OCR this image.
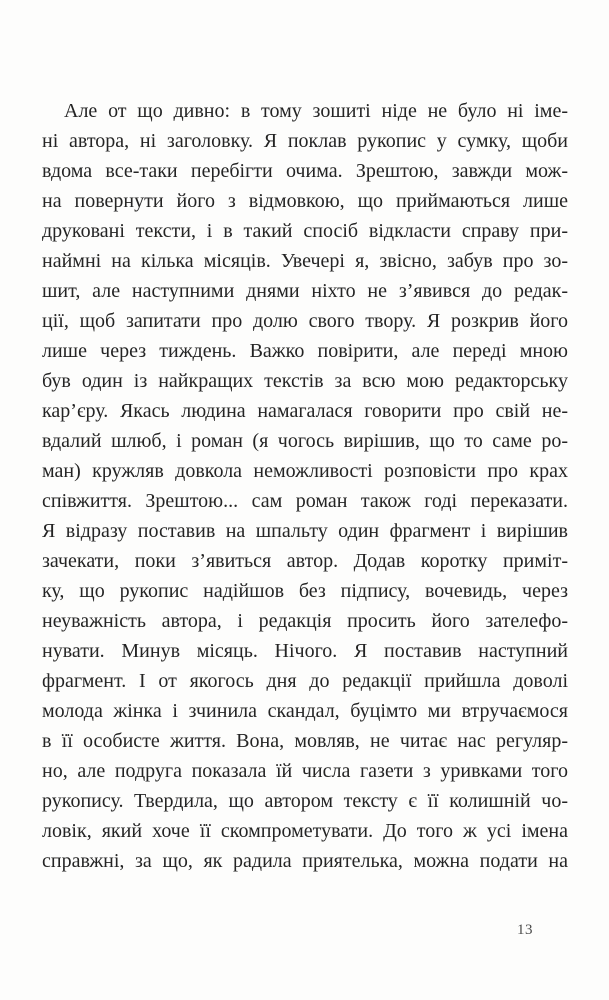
Але от що дивно: в тому зошиті ніде не було ні іме-
ні автора, ні заголовку. Я поклав рукопис у сумку, щоби
вдома все-таки перебігти очима. Зрештою, завжди мож-
на повернути його з відмовкою, що приймаються лише
друковані тексти, і в такий спосіб відкласти справу при-
наймні на кілька місяців. Увечері я, звісно, забув про зо-
шит, але наступними днями ніхто не з’явився до редак-
ції, щоб запитати про долю свого твору. Я розкрив його
лише через тиждень. Важко повірити, але переді мною
був один із найкращих текстів за всю мою редакторську
кар’єру. Якась людина намагалася говорити про свій не-
вдалий шлюб, і роман (я чогось вирішив, що то саме ро-
ман) кружляв довкола неможливості розповісти про крах
співжиття. Зрештою... сам роман також годі переказати.
Я відразу поставив на шпальту один фрагмент і вирішив
зачекати, поки з’явиться автор. Додав коротку приміт-
ку, що рукопис надійшов без підпису, вочевидь, через
неуважність автора, і редакція просить його зателефо-
нувати. Минув місяць. Нічого. Я поставив наступний
фрагмент. І от якогось дня до редакції прийшла доволі
молода жінка і зчинила скандал, буцімто ми втручаємося
в її особисте життя. Вона, мовляв, не читає нас регуляр-
но, але подруга показала їй числа газети з уривками того
рукопису. Твердила, що автором тексту є її колишній чо-
ловік, який хоче її скомпрометувати. До того ж усі імена
справжні, за що, як радила приятелька, можна подати на
13
